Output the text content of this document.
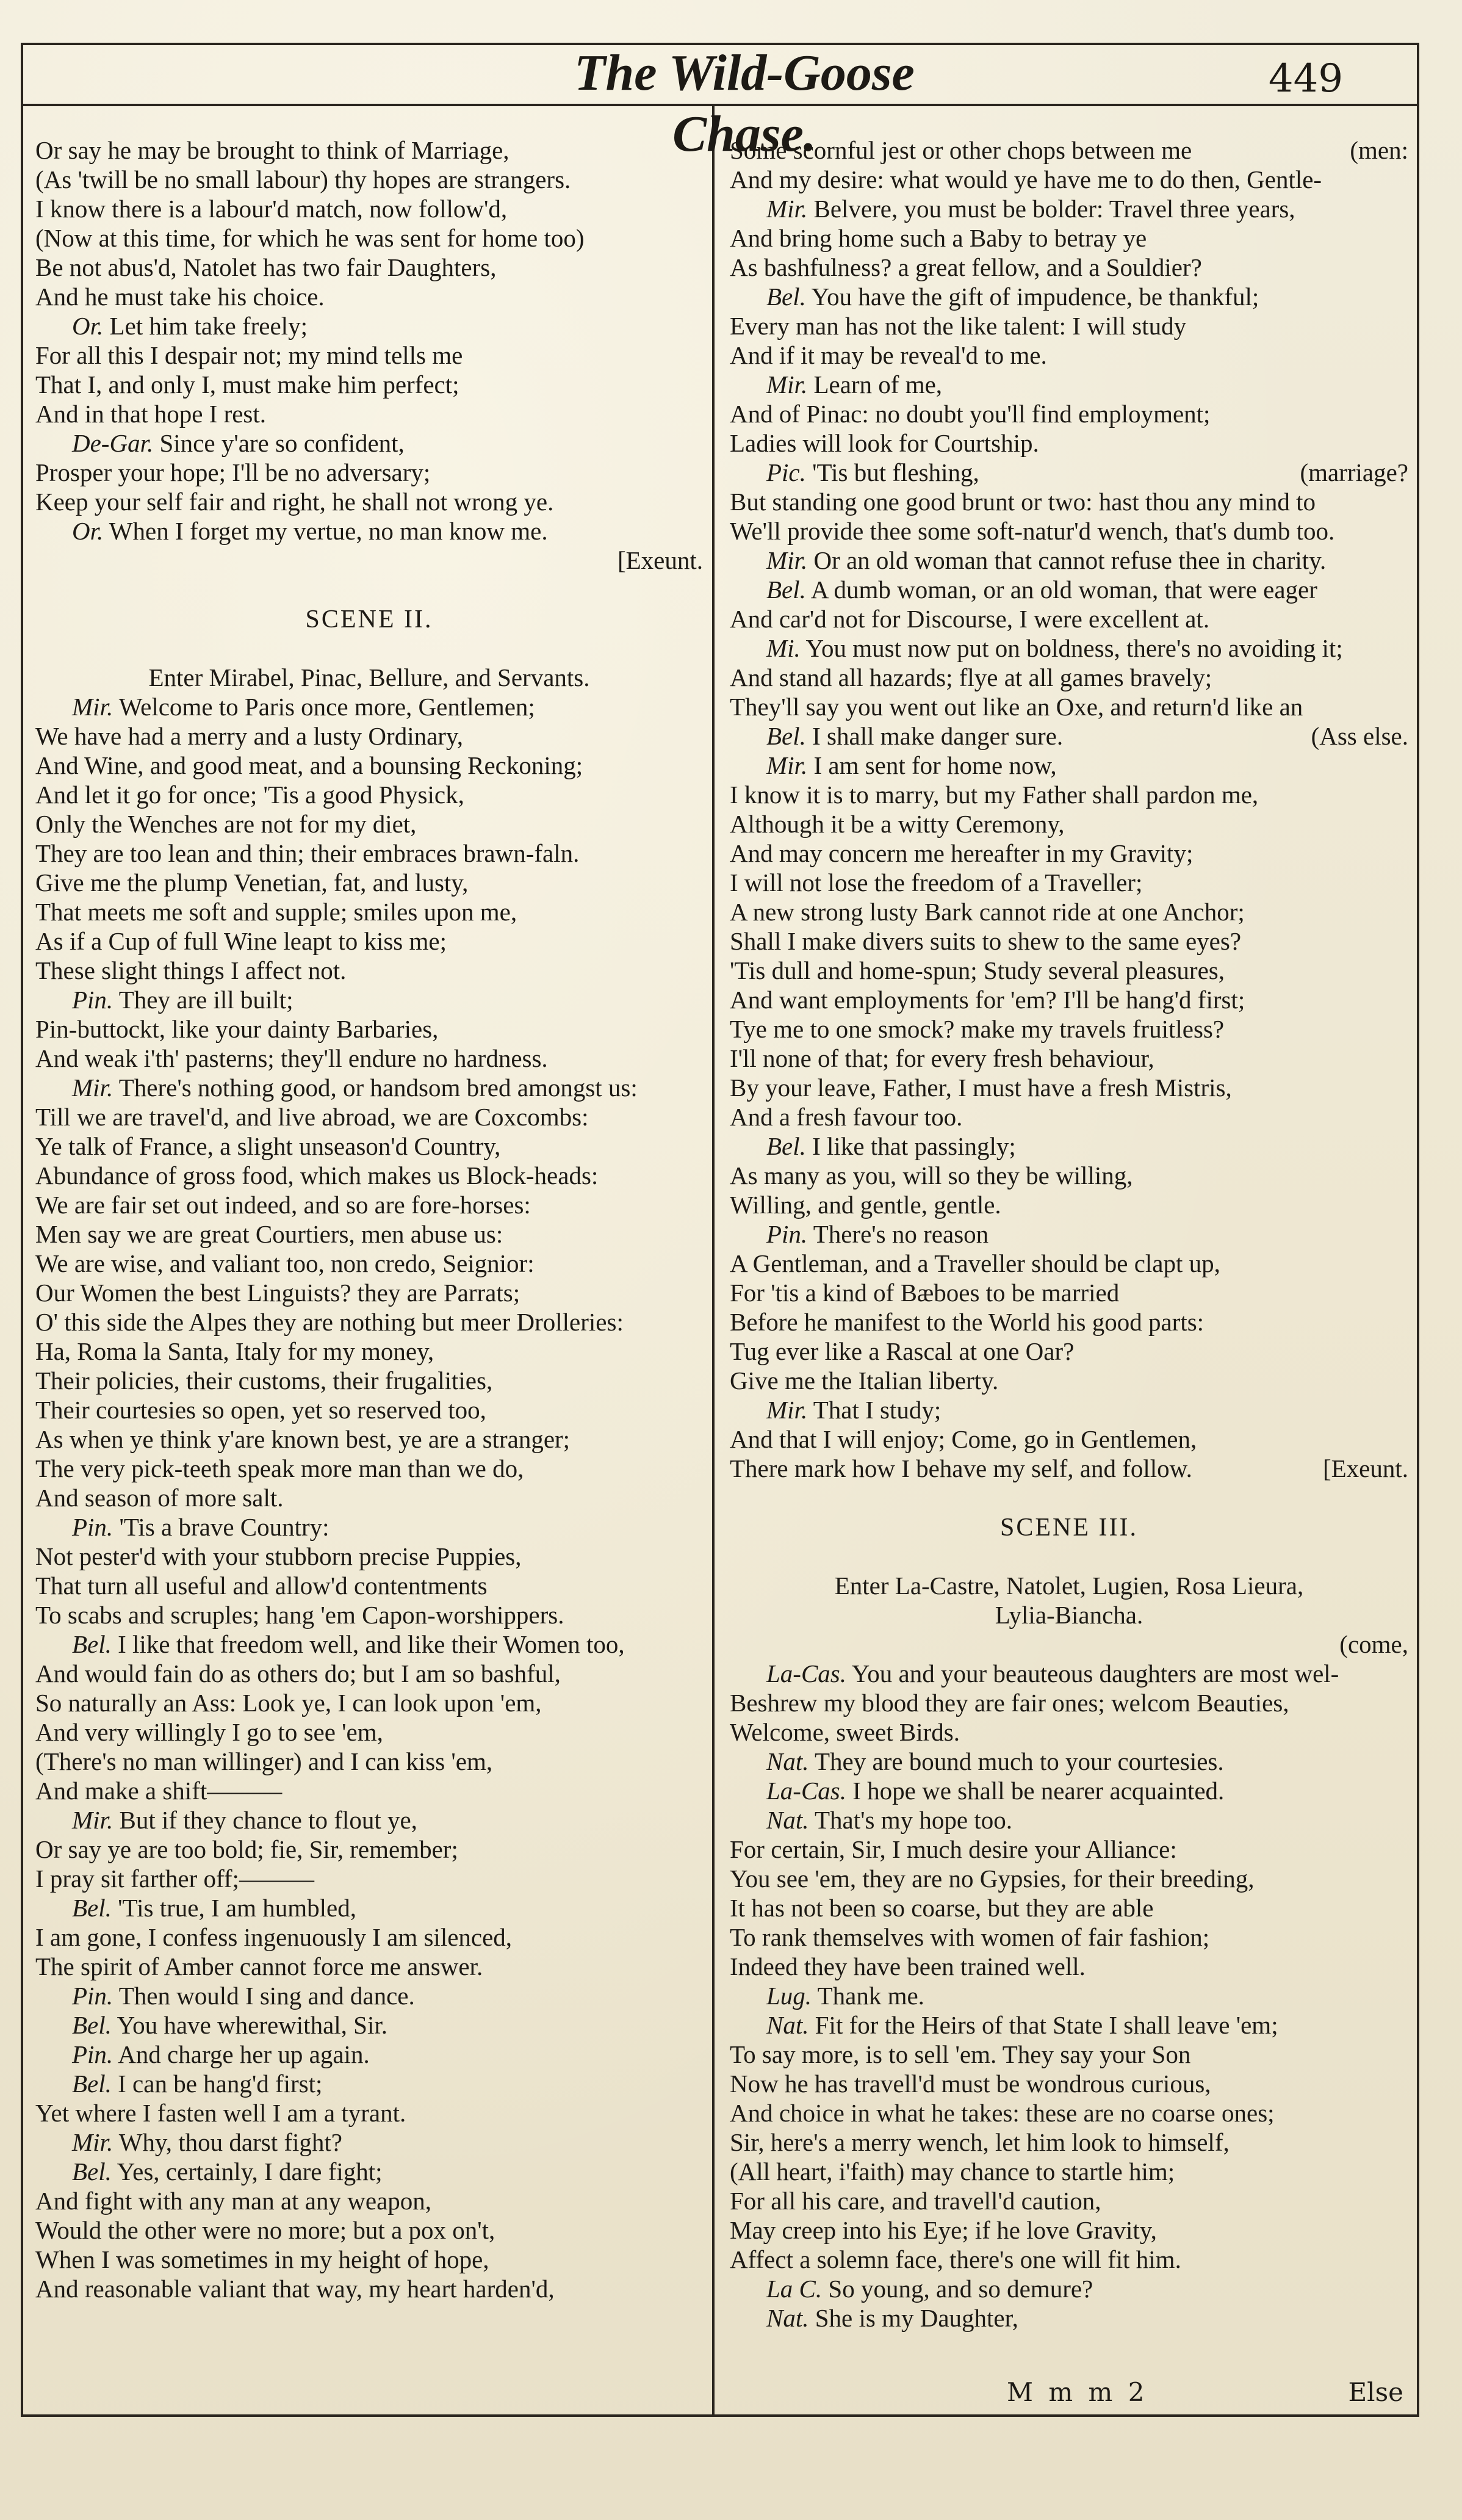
The Wild-Goose Chase.
449
Or say he may be brought to think of Marriage,
(As 'twill be no small labour) thy hopes are strangers.
I know there is a labour'd match, now follow'd,
(Now at this time, for which he was sent for home too)
Be not abus'd, Natolet has two fair Daughters,
And he must take his choice.
Or. Let him take freely;
For all this I despair not; my mind tells me
That I, and only I, must make him perfect;
And in that hope I rest.
De-Gar. Since y'are so confident,
Prosper your hope; I'll be no adversary;
Keep your self fair and right, he shall not wrong ye.
Or. When I forget my vertue, no man know me.
[Exeunt.
SCENE II.
Enter Mirabel, Pinac, Bellure, and Servants.
Mir. Welcome to Paris once more, Gentlemen;
We have had a merry and a lusty Ordinary,
And Wine, and good meat, and a bounsing Reckoning;
And let it go for once; 'Tis a good Physick,
Only the Wenches are not for my diet,
They are too lean and thin; their embraces brawn-faln.
Give me the plump Venetian, fat, and lusty,
That meets me soft and supple; smiles upon me,
As if a Cup of full Wine leapt to kiss me;
These slight things I affect not.
Pin. They are ill built;
Pin-buttockt, like your dainty Barbaries,
And weak i'th' pasterns; they'll endure no hardness.
Mir. There's nothing good, or handsom bred amongst us:
Till we are travel'd, and live abroad, we are Coxcombs:
Ye talk of France, a slight unseason'd Country,
Abundance of gross food, which makes us Block-heads:
We are fair set out indeed, and so are fore-horses:
Men say we are great Courtiers, men abuse us:
We are wise, and valiant too, non credo, Seignior:
Our Women the best Linguists? they are Parrats;
O' this side the Alpes they are nothing but meer Drolleries:
Ha, Roma la Santa, Italy for my money,
Their policies, their customs, their frugalities,
Their courtesies so open, yet so reserved too,
As when ye think y'are known best, ye are a stranger;
The very pick-teeth speak more man than we do,
And season of more salt.
Pin. 'Tis a brave Country:
Not pester'd with your stubborn precise Puppies,
That turn all useful and allow'd contentments
To scabs and scruples; hang 'em Capon-worshippers.
Bel. I like that freedom well, and like their Women too,
And would fain do as others do; but I am so bashful,
So naturally an Ass: Look ye, I can look upon 'em,
And very willingly I go to see 'em,
(There's no man willinger) and I can kiss 'em,
And make a shift———
Mir. But if they chance to flout ye,
Or say ye are too bold; fie, Sir, remember;
I pray sit farther off;———
Bel. 'Tis true, I am humbled,
I am gone, I confess ingenuously I am silenced,
The spirit of Amber cannot force me answer.
Pin. Then would I sing and dance.
Bel. You have wherewithal, Sir.
Pin. And charge her up again.
Bel. I can be hang'd first;
Yet where I fasten well I am a tyrant.
Mir. Why, thou darst fight?
Bel. Yes, certainly, I dare fight;
And fight with any man at any weapon,
Would the other were no more; but a pox on't,
When I was sometimes in my height of hope,
And reasonable valiant that way, my heart harden'd,
Some scornful jest or other chops between me	(men:
And my desire: what would ye have me to do then, Gentle-
Mir. Belvere, you must be bolder: Travel three years,
And bring home such a Baby to betray ye
As bashfulness? a great fellow, and a Souldier?
Bel. You have the gift of impudence, be thankful;
Every man has not the like talent: I will study
And if it may be reveal'd to me.
Mir. Learn of me,
And of Pinac: no doubt you'll find employment;
Ladies will look for Courtship.
Pic. 'Tis but fleshing,	(marriage?
But standing one good brunt or two: hast thou any mind to
We'll provide thee some soft-natur'd wench, that's dumb too.
Mir. Or an old woman that cannot refuse thee in charity.
Bel. A dumb woman, or an old woman, that were eager
And car'd not for Discourse, I were excellent at.
Mi. You must now put on boldness, there's no avoiding it;
And stand all hazards; flye at all games bravely;
They'll say you went out like an Oxe, and return'd like an
Bel. I shall make danger sure.	(Ass else.
Mir. I am sent for home now,
I know it is to marry, but my Father shall pardon me,
Although it be a witty Ceremony,
And may concern me hereafter in my Gravity;
I will not lose the freedom of a Traveller;
A new strong lusty Bark cannot ride at one Anchor;
Shall I make divers suits to shew to the same eyes?
'Tis dull and home-spun; Study several pleasures,
And want employments for 'em? I'll be hang'd first;
Tye me to one smock? make my travels fruitless?
I'll none of that; for every fresh behaviour,
By your leave, Father, I must have a fresh Mistris,
And a fresh favour too.
Bel. I like that passingly;
As many as you, will so they be willing,
Willing, and gentle, gentle.
Pin. There's no reason
A Gentleman, and a Traveller should be clapt up,
For 'tis a kind of Bæboes to be married
Before he manifest to the World his good parts:
Tug ever like a Rascal at one Oar?
Give me the Italian liberty.
Mir. That I study;
And that I will enjoy; Come, go in Gentlemen,
There mark how I behave my self, and follow.	[Exeunt.
SCENE III.
Enter La-Castre, Natolet, Lugien, Rosa Lieura,
Lylia-Biancha.
(come,
La-Cas. You and your beauteous daughters are most wel-
Beshrew my blood they are fair ones; welcom Beauties,
Welcome, sweet Birds.
Nat. They are bound much to your courtesies.
La-Cas. I hope we shall be nearer acquainted.
Nat. That's my hope too.
For certain, Sir, I much desire your Alliance:
You see 'em, they are no Gypsies, for their breeding,
It has not been so coarse, but they are able
To rank themselves with women of fair fashion;
Indeed they have been trained well.
Lug. Thank me.
Nat. Fit for the Heirs of that State I shall leave 'em;
To say more, is to sell 'em. They say your Son
Now he has travell'd must be wondrous curious,
And choice in what he takes: these are no coarse ones;
Sir, here's a merry wench, let him look to himself,
(All heart, i'faith) may chance to startle him;
For all his care, and travell'd caution,
May creep into his Eye; if he love Gravity,
Affect a solemn face, there's one will fit him.
La C. So young, and so demure?
Nat. She is my Daughter,
M m m 2	Else
